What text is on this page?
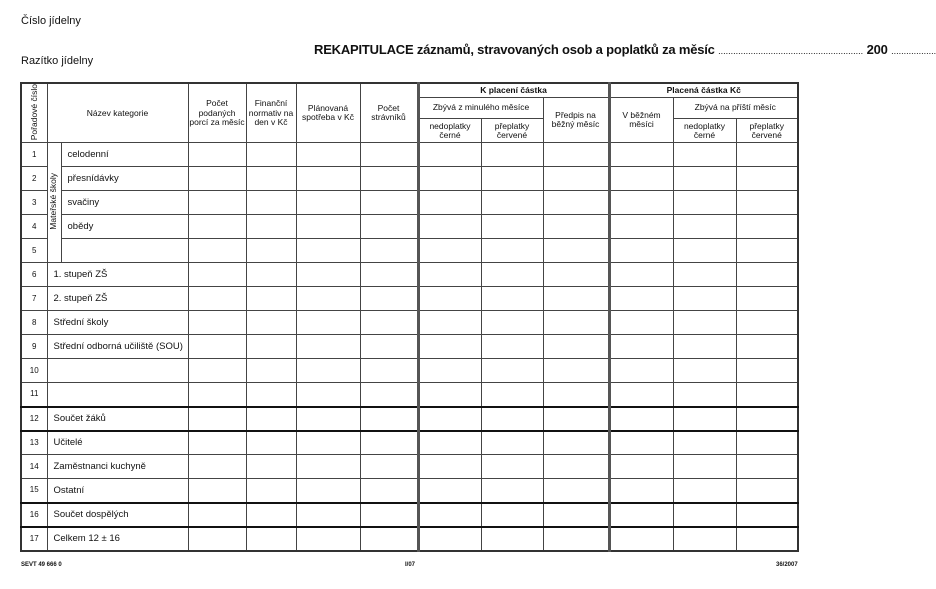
Číslo jídelny
Razítko jídelny
REKAPITULACE záznamů, stravovaných osob a poplatků za měsíc .......................................................... 200 ..................
Pořadové číslo	Název kategorie		Počet podaných porcí za měsíc	Finanční normativ na den v Kč	Plánovaná spotřeba v Kč	Počet strávníků	K placení částka			Placená částka Kč		
							Zbývá z minulého měsíce		Předpis na běžný měsíc	V běžném měsíci	Zbývá na příští měsíc	
							nedoplatky černé	přeplatky červené			nedoplatky černé	přeplatky červené
1	Mateřské školy	celodenní										
2		přesnídávky										
3		svačiny										
4		obědy										
5												
6	1. stupeň ZŠ											
7	2. stupeň ZŠ											
8	Střední školy											
9	Střední odborná učiliště (SOU)											
10												
11												
12	Součet žáků											
13	Učitelé											
14	Zaměstnanci kuchyně											
15	Ostatní											
16	Součet dospělých											
17	Celkem 12 ± 16											
SEVT 49 666 0	I/07	36/2007
